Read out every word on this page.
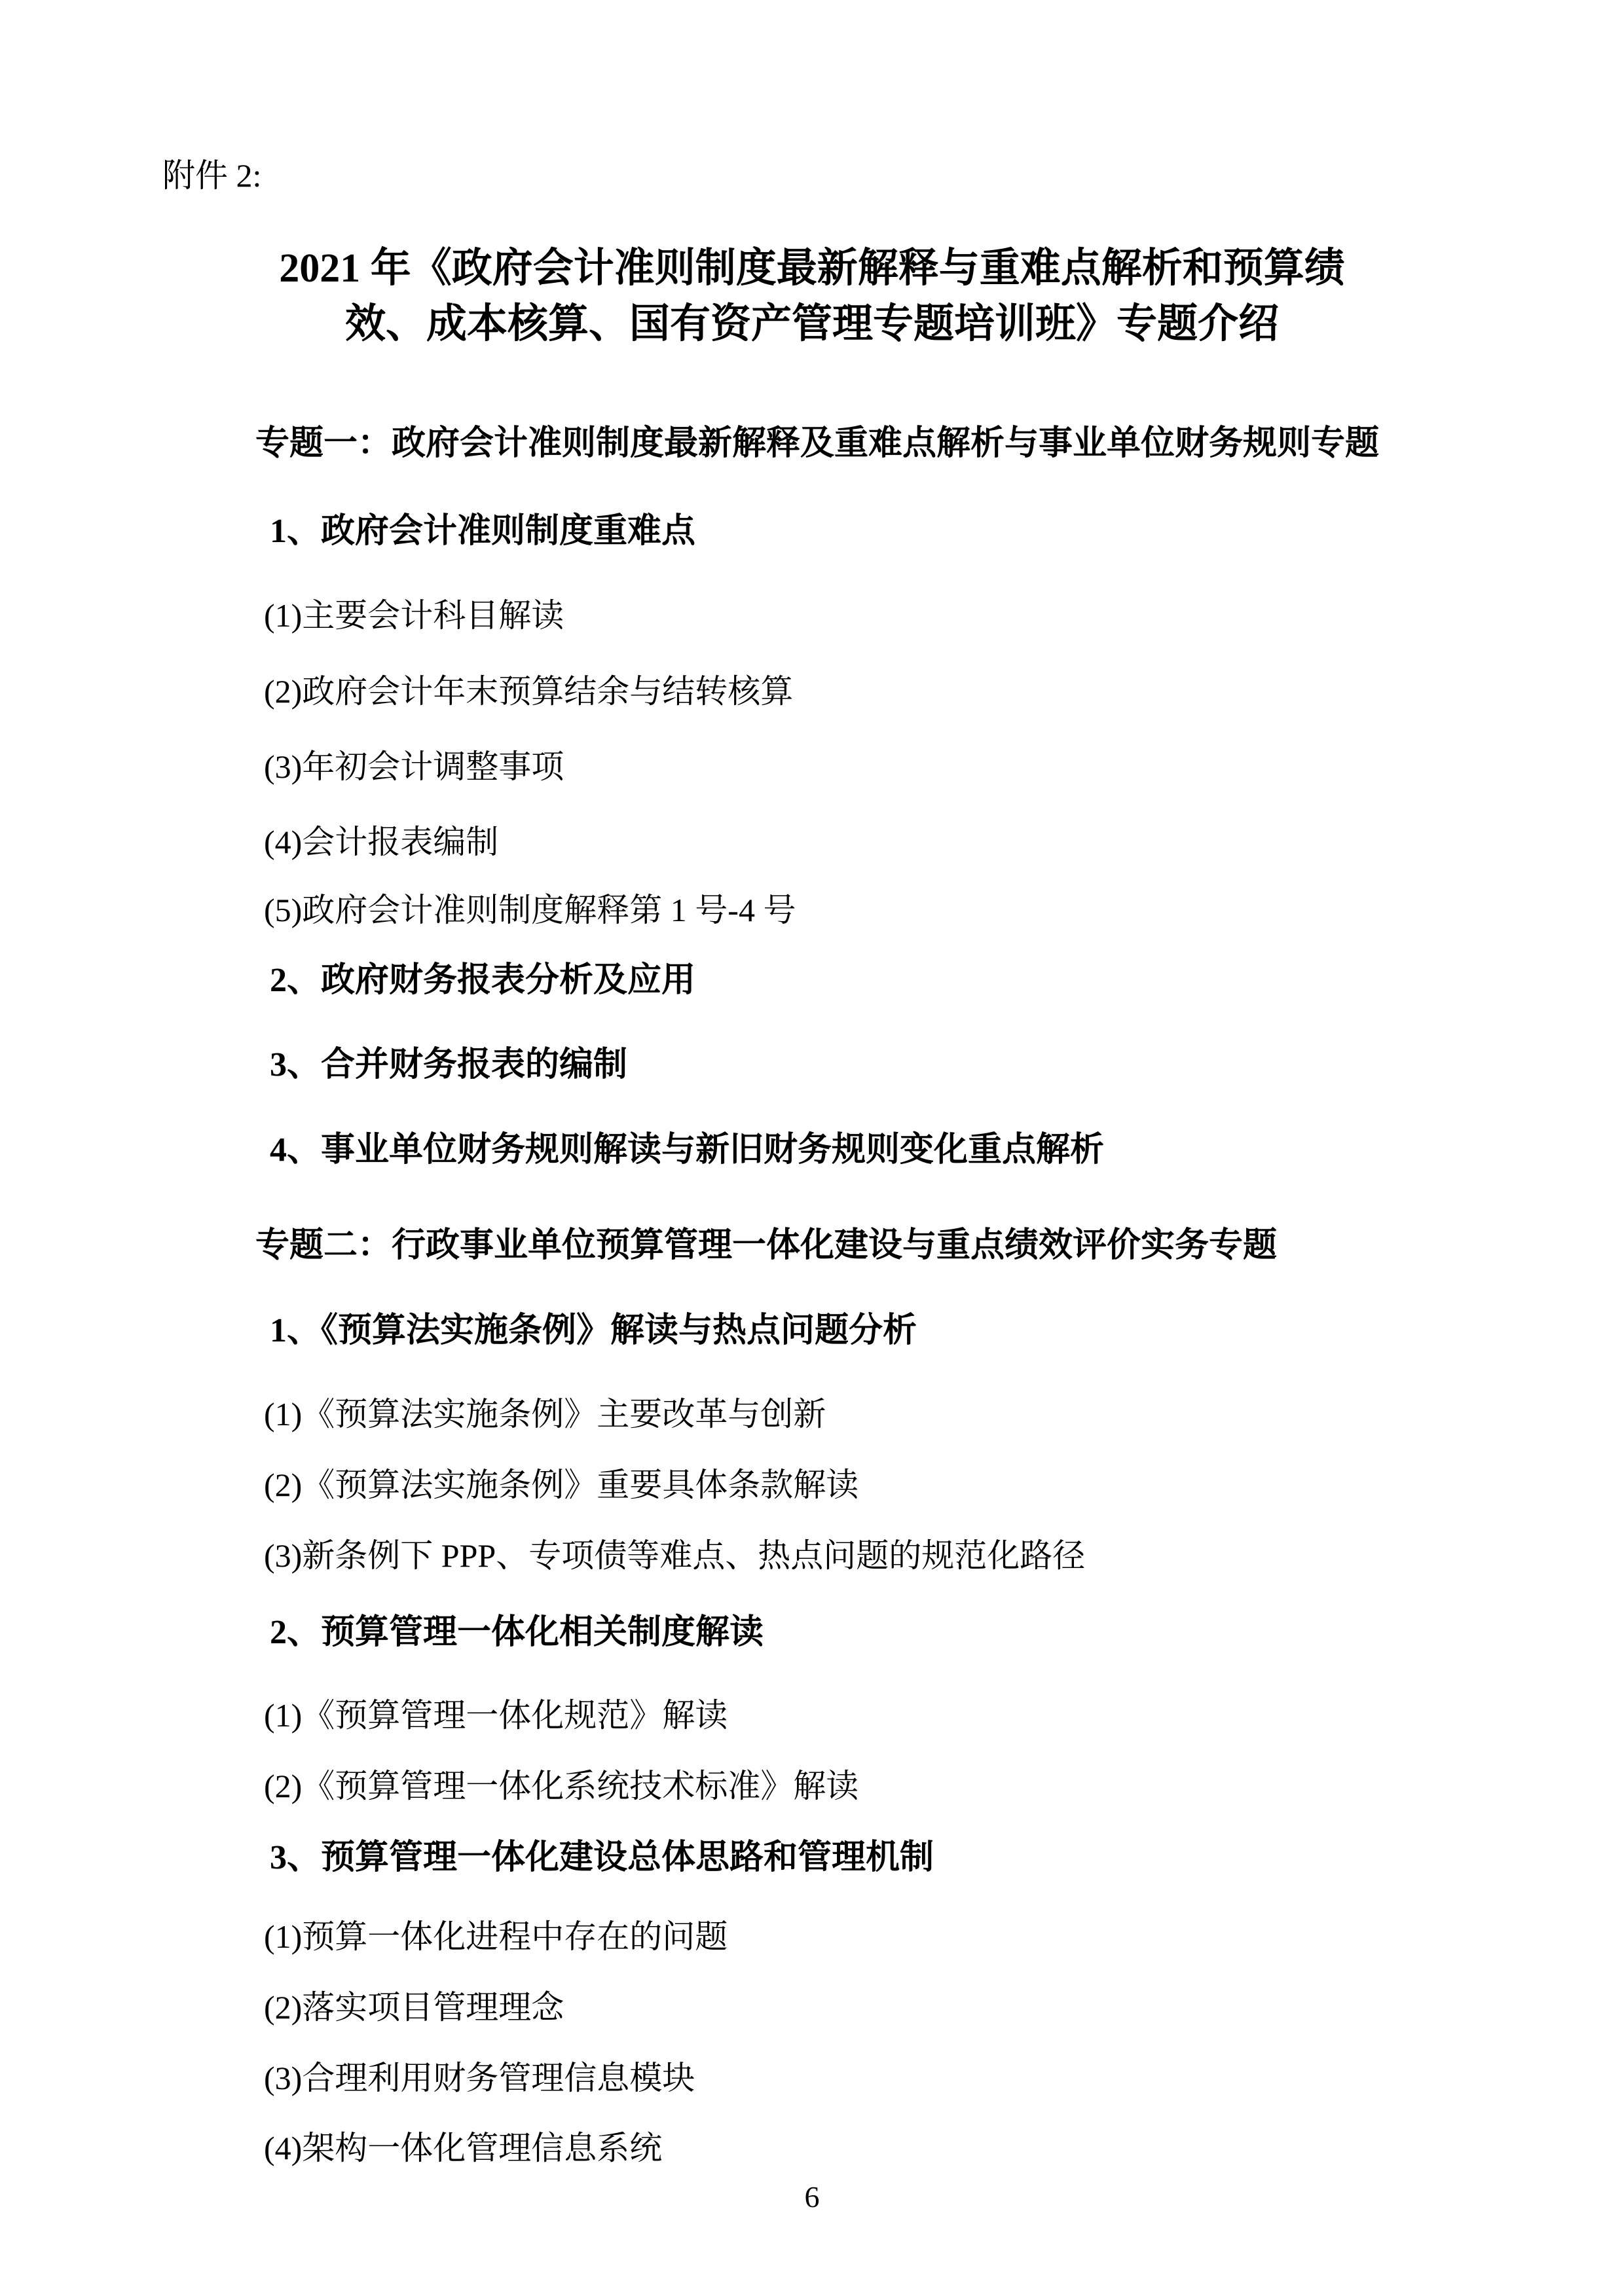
附件 2:
2021 年《政府会计准则制度最新解释与重难点解析和预算绩
效、成本核算、国有资产管理专题培训班》专题介绍
专题一：政府会计准则制度最新解释及重难点解析与事业单位财务规则专题
1、政府会计准则制度重难点
(1)主要会计科目解读
(2)政府会计年末预算结余与结转核算
(3)年初会计调整事项
(4)会计报表编制
(5)政府会计准则制度解释第 1 号-4 号
2、政府财务报表分析及应用
3、合并财务报表的编制
4、事业单位财务规则解读与新旧财务规则变化重点解析
专题二：行政事业单位预算管理一体化建设与重点绩效评价实务专题
1、《预算法实施条例》解读与热点问题分析
(1)《预算法实施条例》主要改革与创新
(2)《预算法实施条例》重要具体条款解读
(3)新条例下 PPP、专项债等难点、热点问题的规范化路径
2、预算管理一体化相关制度解读
(1)《预算管理一体化规范》解读
(2)《预算管理一体化系统技术标准》解读
3、预算管理一体化建设总体思路和管理机制
(1)预算一体化进程中存在的问题
(2)落实项目管理理念
(3)合理利用财务管理信息模块
(4)架构一体化管理信息系统
6
